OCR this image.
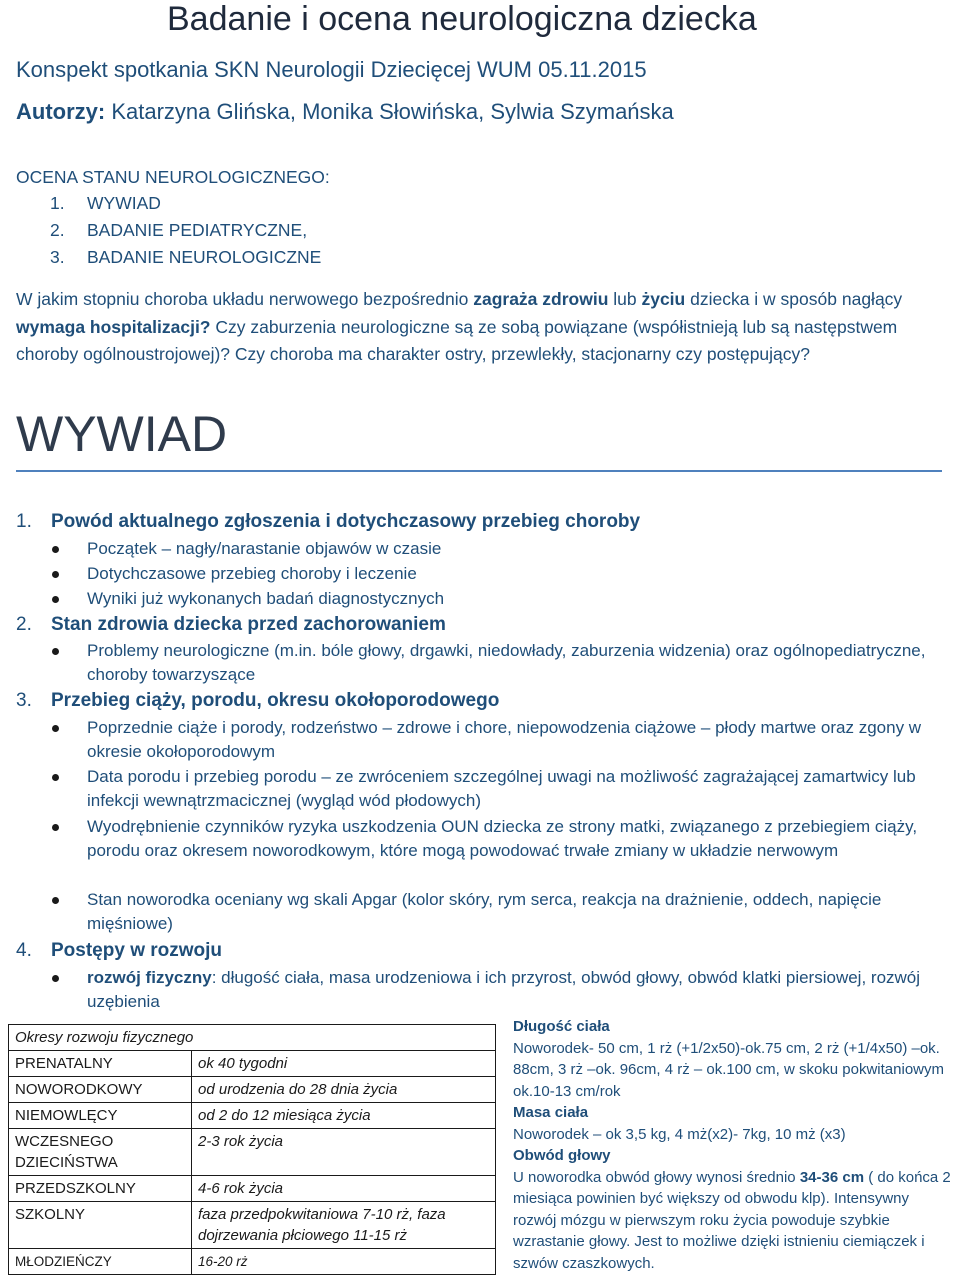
Badanie i ocena neurologiczna dziecka
Konspekt spotkania SKN Neurologii Dziecięcej WUM 05.11.2015
Autorzy: Katarzyna Glińska, Monika Słowińska, Sylwia Szymańska
OCENA STANU NEUROLOGICZNEGO:
1. WYWIAD
2. BADANIE PEDIATRYCZNE,
3. BADANIE NEUROLOGICZNE
W jakim stopniu choroba układu nerwowego bezpośrednio zagraża zdrowiu lub życiu dziecka i w sposób nagłący wymaga hospitalizacji? Czy zaburzenia neurologiczne są ze sobą powiązane (współistnieją lub są następstwem choroby ogólnoustrojowej)? Czy choroba ma charakter ostry, przewlekły, stacjonarny czy postępujący?
WYWIAD
1. Powód aktualnego zgłoszenia i dotychczasowy przebieg choroby
Początek – nagły/narastanie objawów w czasie
Dotychczasowe przebieg choroby i leczenie
Wyniki już wykonanych badań diagnostycznych
2. Stan zdrowia dziecka przed zachorowaniem
Problemy neurologiczne (m.in. bóle głowy, drgawki, niedowłady, zaburzenia widzenia) oraz ogólnopediatryczne, choroby towarzyszące
3. Przebieg ciąży, porodu, okresu okołoporodowego
Poprzednie ciąże i porody, rodzeństwo – zdrowe i chore, niepowodzenia ciążowe – płody martwe oraz zgony w okresie okołoporodowym
Data porodu i przebieg porodu – ze zwróceniem szczególnej uwagi na możliwość zagrażającej zamartwicy lub infekcji wewnątrzmacicznej (wygląd wód płodowych)
Wyodrębnienie czynników ryzyka uszkodzenia OUN dziecka ze strony matki, związanego z przebiegiem ciąży, porodu oraz okresem noworodkowym, które mogą powodować trwałe zmiany w układzie nerwowym
Stan noworodka oceniany wg skali Apgar (kolor skóry, rym serca, reakcja na drażnienie, oddech, napięcie mięśniowe)
4. Postępy w rozwoju
rozwój fizyczny: długość ciała, masa urodzeniowa i ich przyrost, obwód głowy, obwód klatki piersiowej, rozwój uzębienia
Okresy rozwoju fizycznego	
PRENATALNY	ok 40 tygodni
NOWORODKOWY	od urodzenia do 28 dnia życia
NIEMOWLĘCY	od 2 do 12 miesiąca życia
WCZESNEGO DZIECIŃSTWA	2-3 rok życia
PRZEDSZKOLNY	4-6 rok życia
SZKOLNY	faza przedpokwitaniowa 7-10 rż, faza dojrzewania płciowego 11-15 rż
MŁODZIEŃCZY	16-20 rż
Długość ciała
Noworodek- 50 cm, 1 rż (+1/2x50)-ok.75 cm, 2 rż (+1/4x50) –ok. 88cm, 3 rż –ok. 96cm, 4 rż – ok.100 cm, w skoku pokwitaniowym ok.10-13 cm/rok
Masa ciała
Noworodek – ok 3,5 kg, 4 mż(x2)- 7kg, 10 mż (x3)
Obwód głowy
U noworodka obwód głowy wynosi średnio 34-36 cm ( do końca 2 miesiąca powinien być większy od obwodu klp). Intensywny rozwój mózgu w pierwszym roku życia powoduje szybkie wzrastanie głowy. Jest to możliwe dzięki istnieniu ciemiączek i szwów czaszkowych.
